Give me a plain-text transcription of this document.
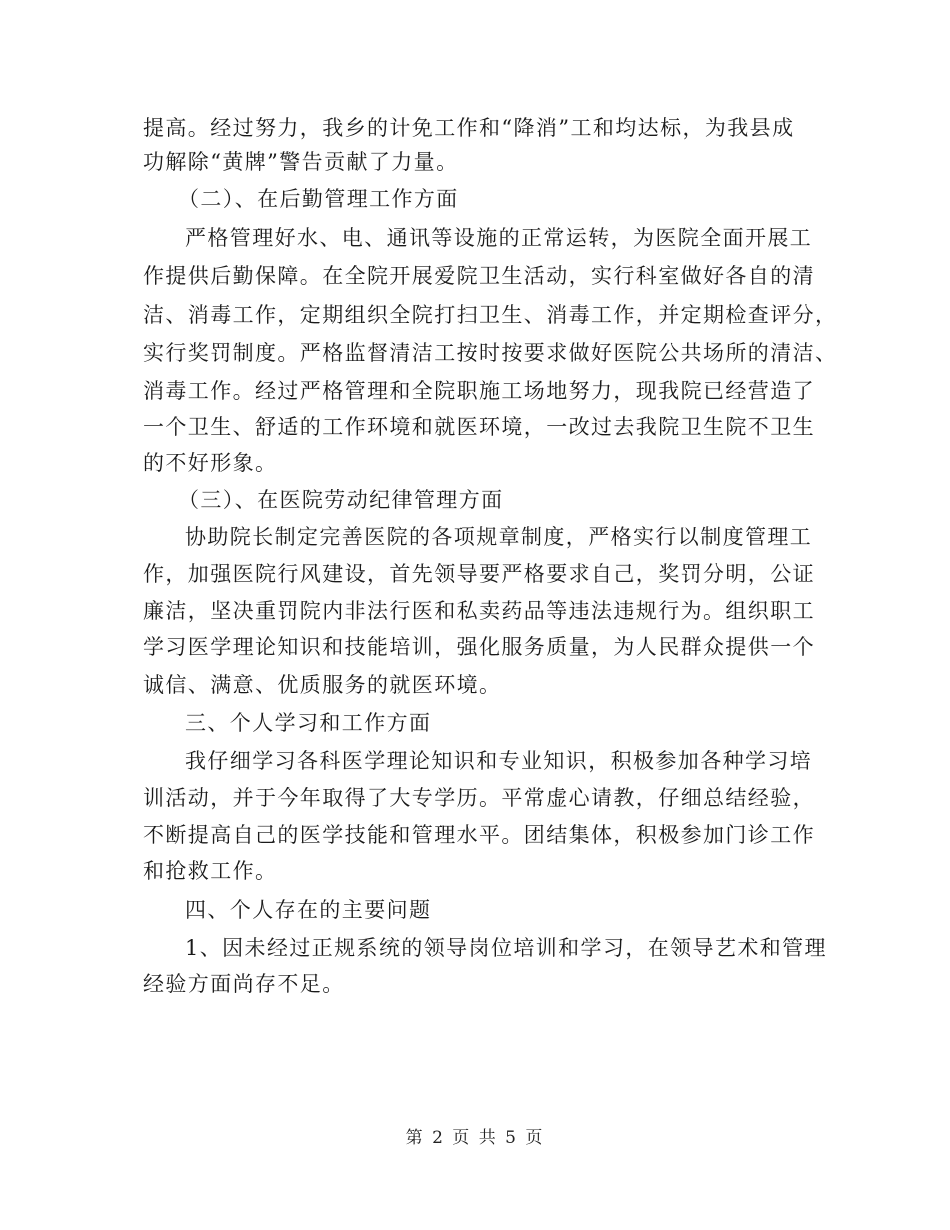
提高。经过努力，我乡的计免工作和“降消”工和均达标，为我县成
功解除“黄牌”警告贡献了力量。
（二）、在后勤管理工作方面
严格管理好水、电、通讯等设施的正常运转，为医院全面开展工
作提供后勤保障。在全院开展爱院卫生活动，实行科室做好各自的清
洁、消毒工作，定期组织全院打扫卫生、消毒工作，并定期检查评分，
实行奖罚制度。严格监督清洁工按时按要求做好医院公共场所的清洁、
消毒工作。经过严格管理和全院职施工场地努力，现我院已经营造了
一个卫生、舒适的工作环境和就医环境，一改过去我院卫生院不卫生
的不好形象。
（三）、在医院劳动纪律管理方面
协助院长制定完善医院的各项规章制度，严格实行以制度管理工
作，加强医院行风建设，首先领导要严格要求自己，奖罚分明，公证
廉洁，坚决重罚院内非法行医和私卖药品等违法违规行为。组织职工
学习医学理论知识和技能培训，强化服务质量，为人民群众提供一个
诚信、满意、优质服务的就医环境。
三、个人学习和工作方面
我仔细学习各科医学理论知识和专业知识，积极参加各种学习培
训活动，并于今年取得了大专学历。平常虚心请教，仔细总结经验，
不断提高自己的医学技能和管理水平。团结集体，积极参加门诊工作
和抢救工作。
四、个人存在的主要问题
1、因未经过正规系统的领导岗位培训和学习，在领导艺术和管理
经验方面尚存不足。
第 2 页 共 5 页
